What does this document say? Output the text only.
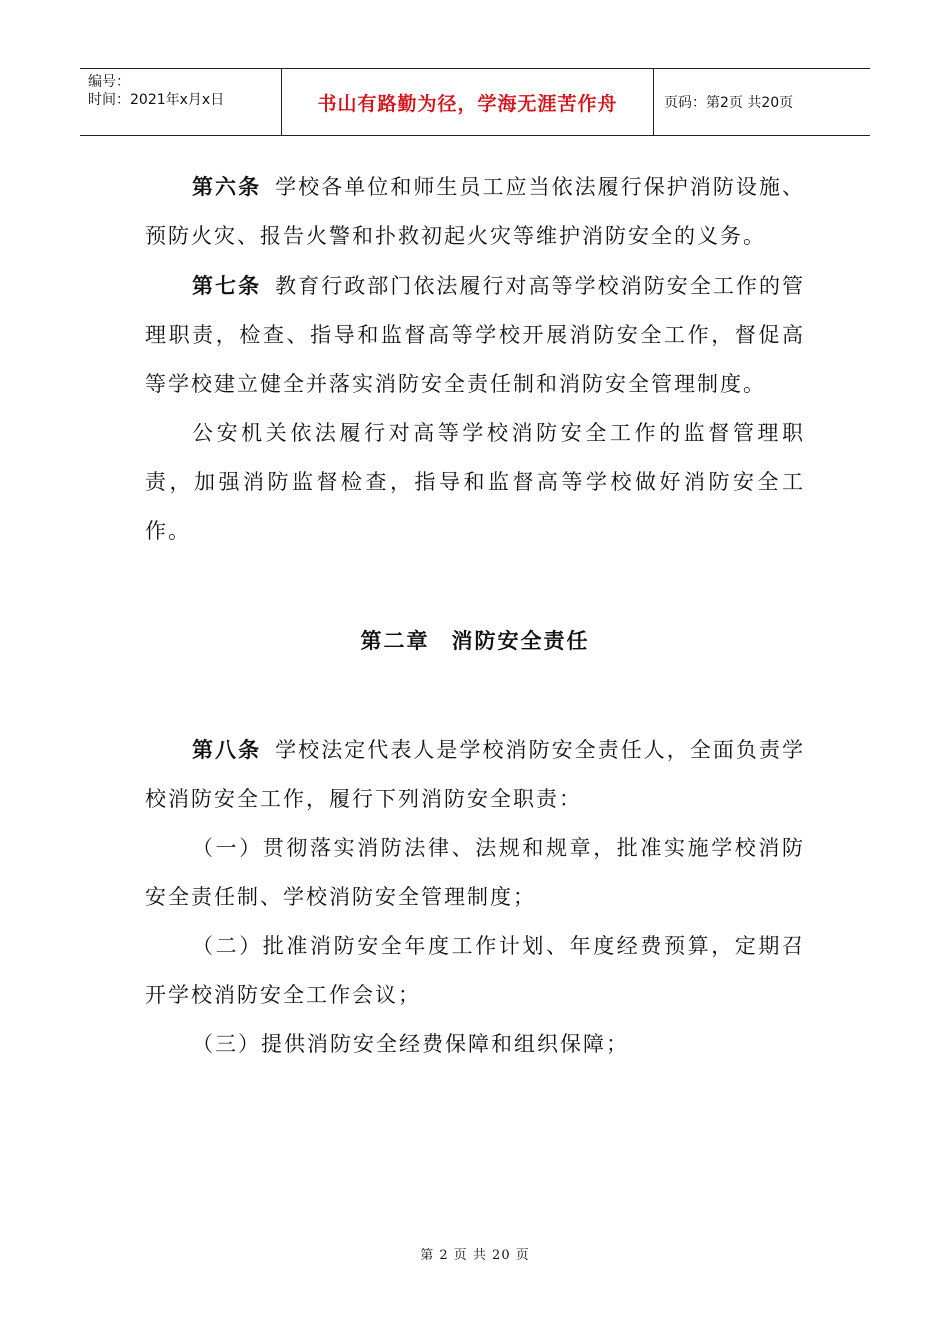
编号：
时间：2021年x月x日	书山有路勤为径，学海无涯苦作舟	页码：第2页 共20页

第六条 学校各单位和师生员工应当依法履行保护消防设施、预防火灾、报告火警和扑救初起火灾等维护消防安全的义务。

第七条 教育行政部门依法履行对高等学校消防安全工作的管理职责，检查、指导和监督高等学校开展消防安全工作，督促高等学校建立健全并落实消防安全责任制和消防安全管理制度。

公安机关依法履行对高等学校消防安全工作的监督管理职责，加强消防监督检查，指导和监督高等学校做好消防安全工作。

第二章 消防安全责任

第八条 学校法定代表人是学校消防安全责任人，全面负责学校消防安全工作，履行下列消防安全职责：

（一）贯彻落实消防法律、法规和规章，批准实施学校消防安全责任制、学校消防安全管理制度；

（二）批准消防安全年度工作计划、年度经费预算，定期召开学校消防安全工作会议；

（三）提供消防安全经费保障和组织保障；

第 2 页 共 20 页
